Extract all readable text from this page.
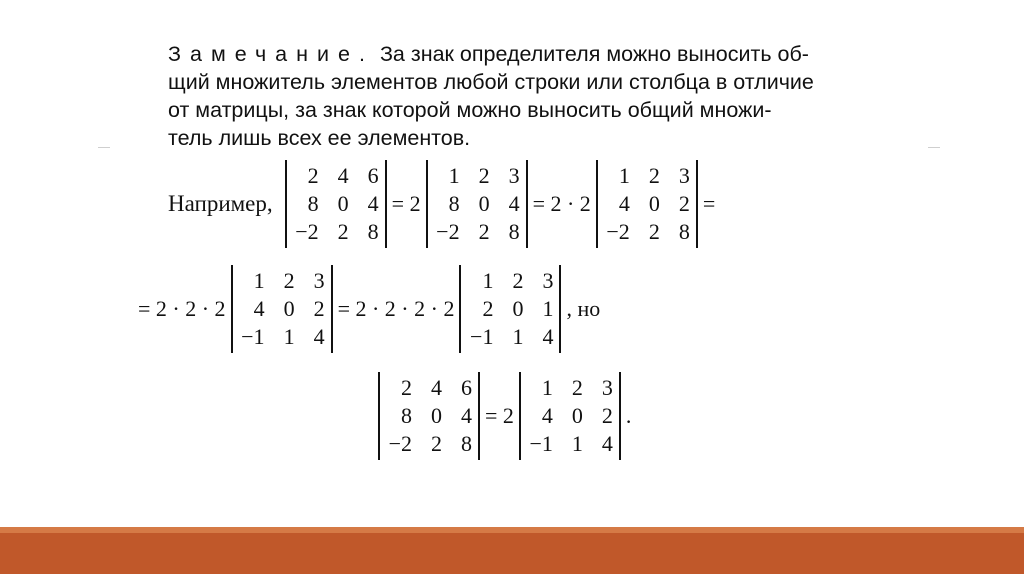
Замечание. За знак определителя можно выносить об-
щий множитель элементов любой строки или столбца в отличие
от матрицы, за знак которой можно выносить общий множи-
тель лишь всех ее элементов.

Например,
2	4	6
8	0	4
−2	2	8
= 2
1	2	3
8	0	4
−2	2	8
= 2 · 2
1	2	3
4	0	2
−2	2	8
=
= 2 · 2 · 2
1	2	3
4	0	2
−1	1	4
= 2 · 2 · 2 · 2
1	2	3
2	0	1
−1	1	4
, но
2	4	6
8	0	4
−2	2	8
= 2
1	2	3
4	0	2
−1	1	4
.
